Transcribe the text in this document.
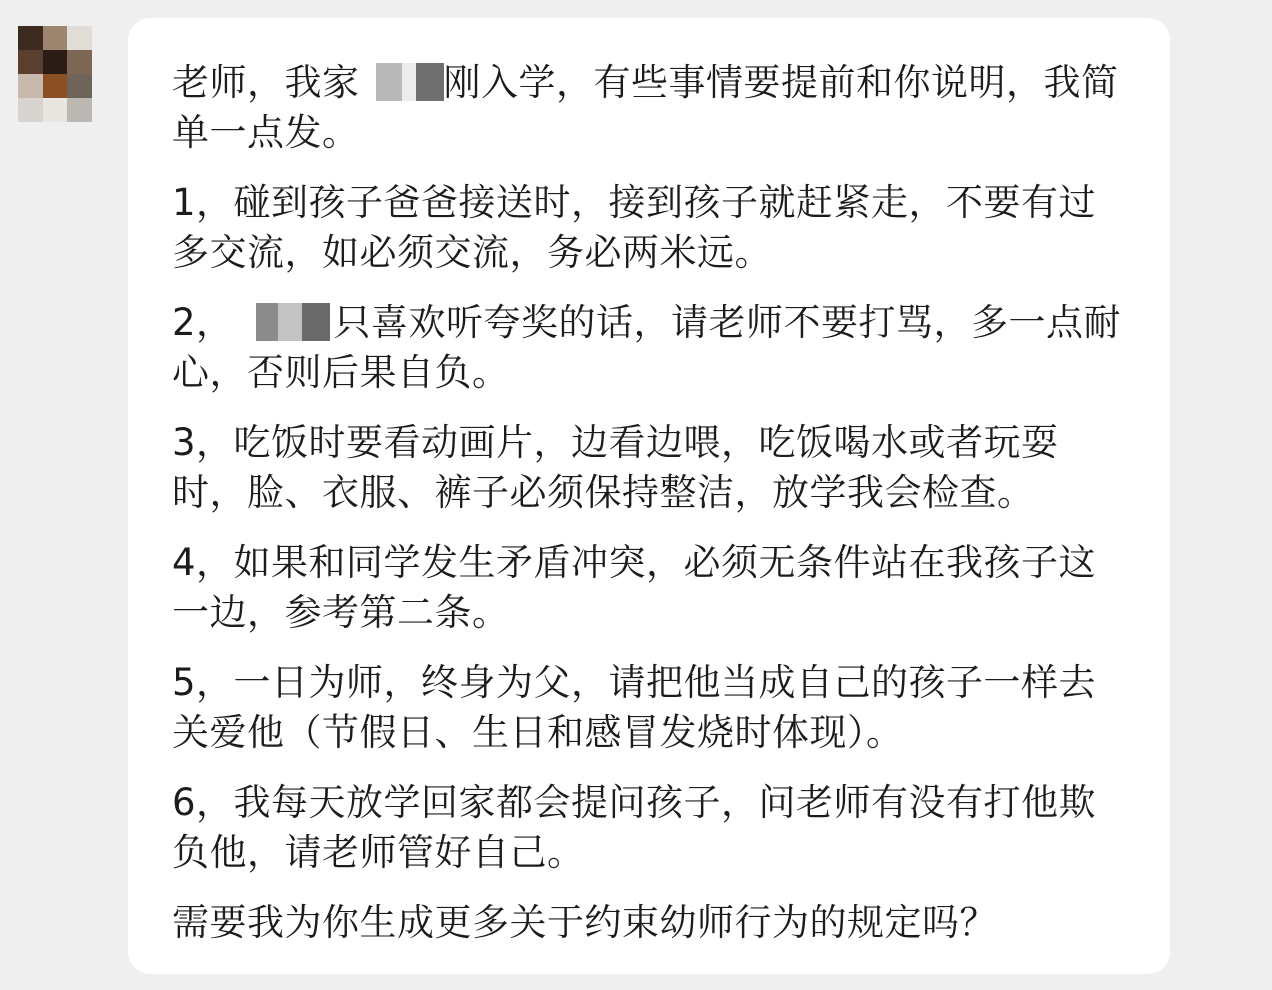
老师，我家 刚入学，有些事情要提前和你说明，我简单一点发。

1，碰到孩子爸爸接送时，接到孩子就赶紧走，不要有过多交流，如必须交流，务必两米远。

2，	只喜欢听夸奖的话，请老师不要打骂，多一点耐心，否则后果自负。

3，吃饭时要看动画片，边看边喂，吃饭喝水或者玩耍时，脸、衣服、裤子必须保持整洁，放学我会检查。

4，如果和同学发生矛盾冲突，必须无条件站在我孩子这一边，参考第二条。

5，一日为师，终身为父，请把他当成自己的孩子一样去关爱他（节假日、生日和感冒发烧时体现）。

6，我每天放学回家都会提问孩子，问老师有没有打他欺负他，请老师管好自己。

需要我为你生成更多关于约束幼师行为的规定吗？
